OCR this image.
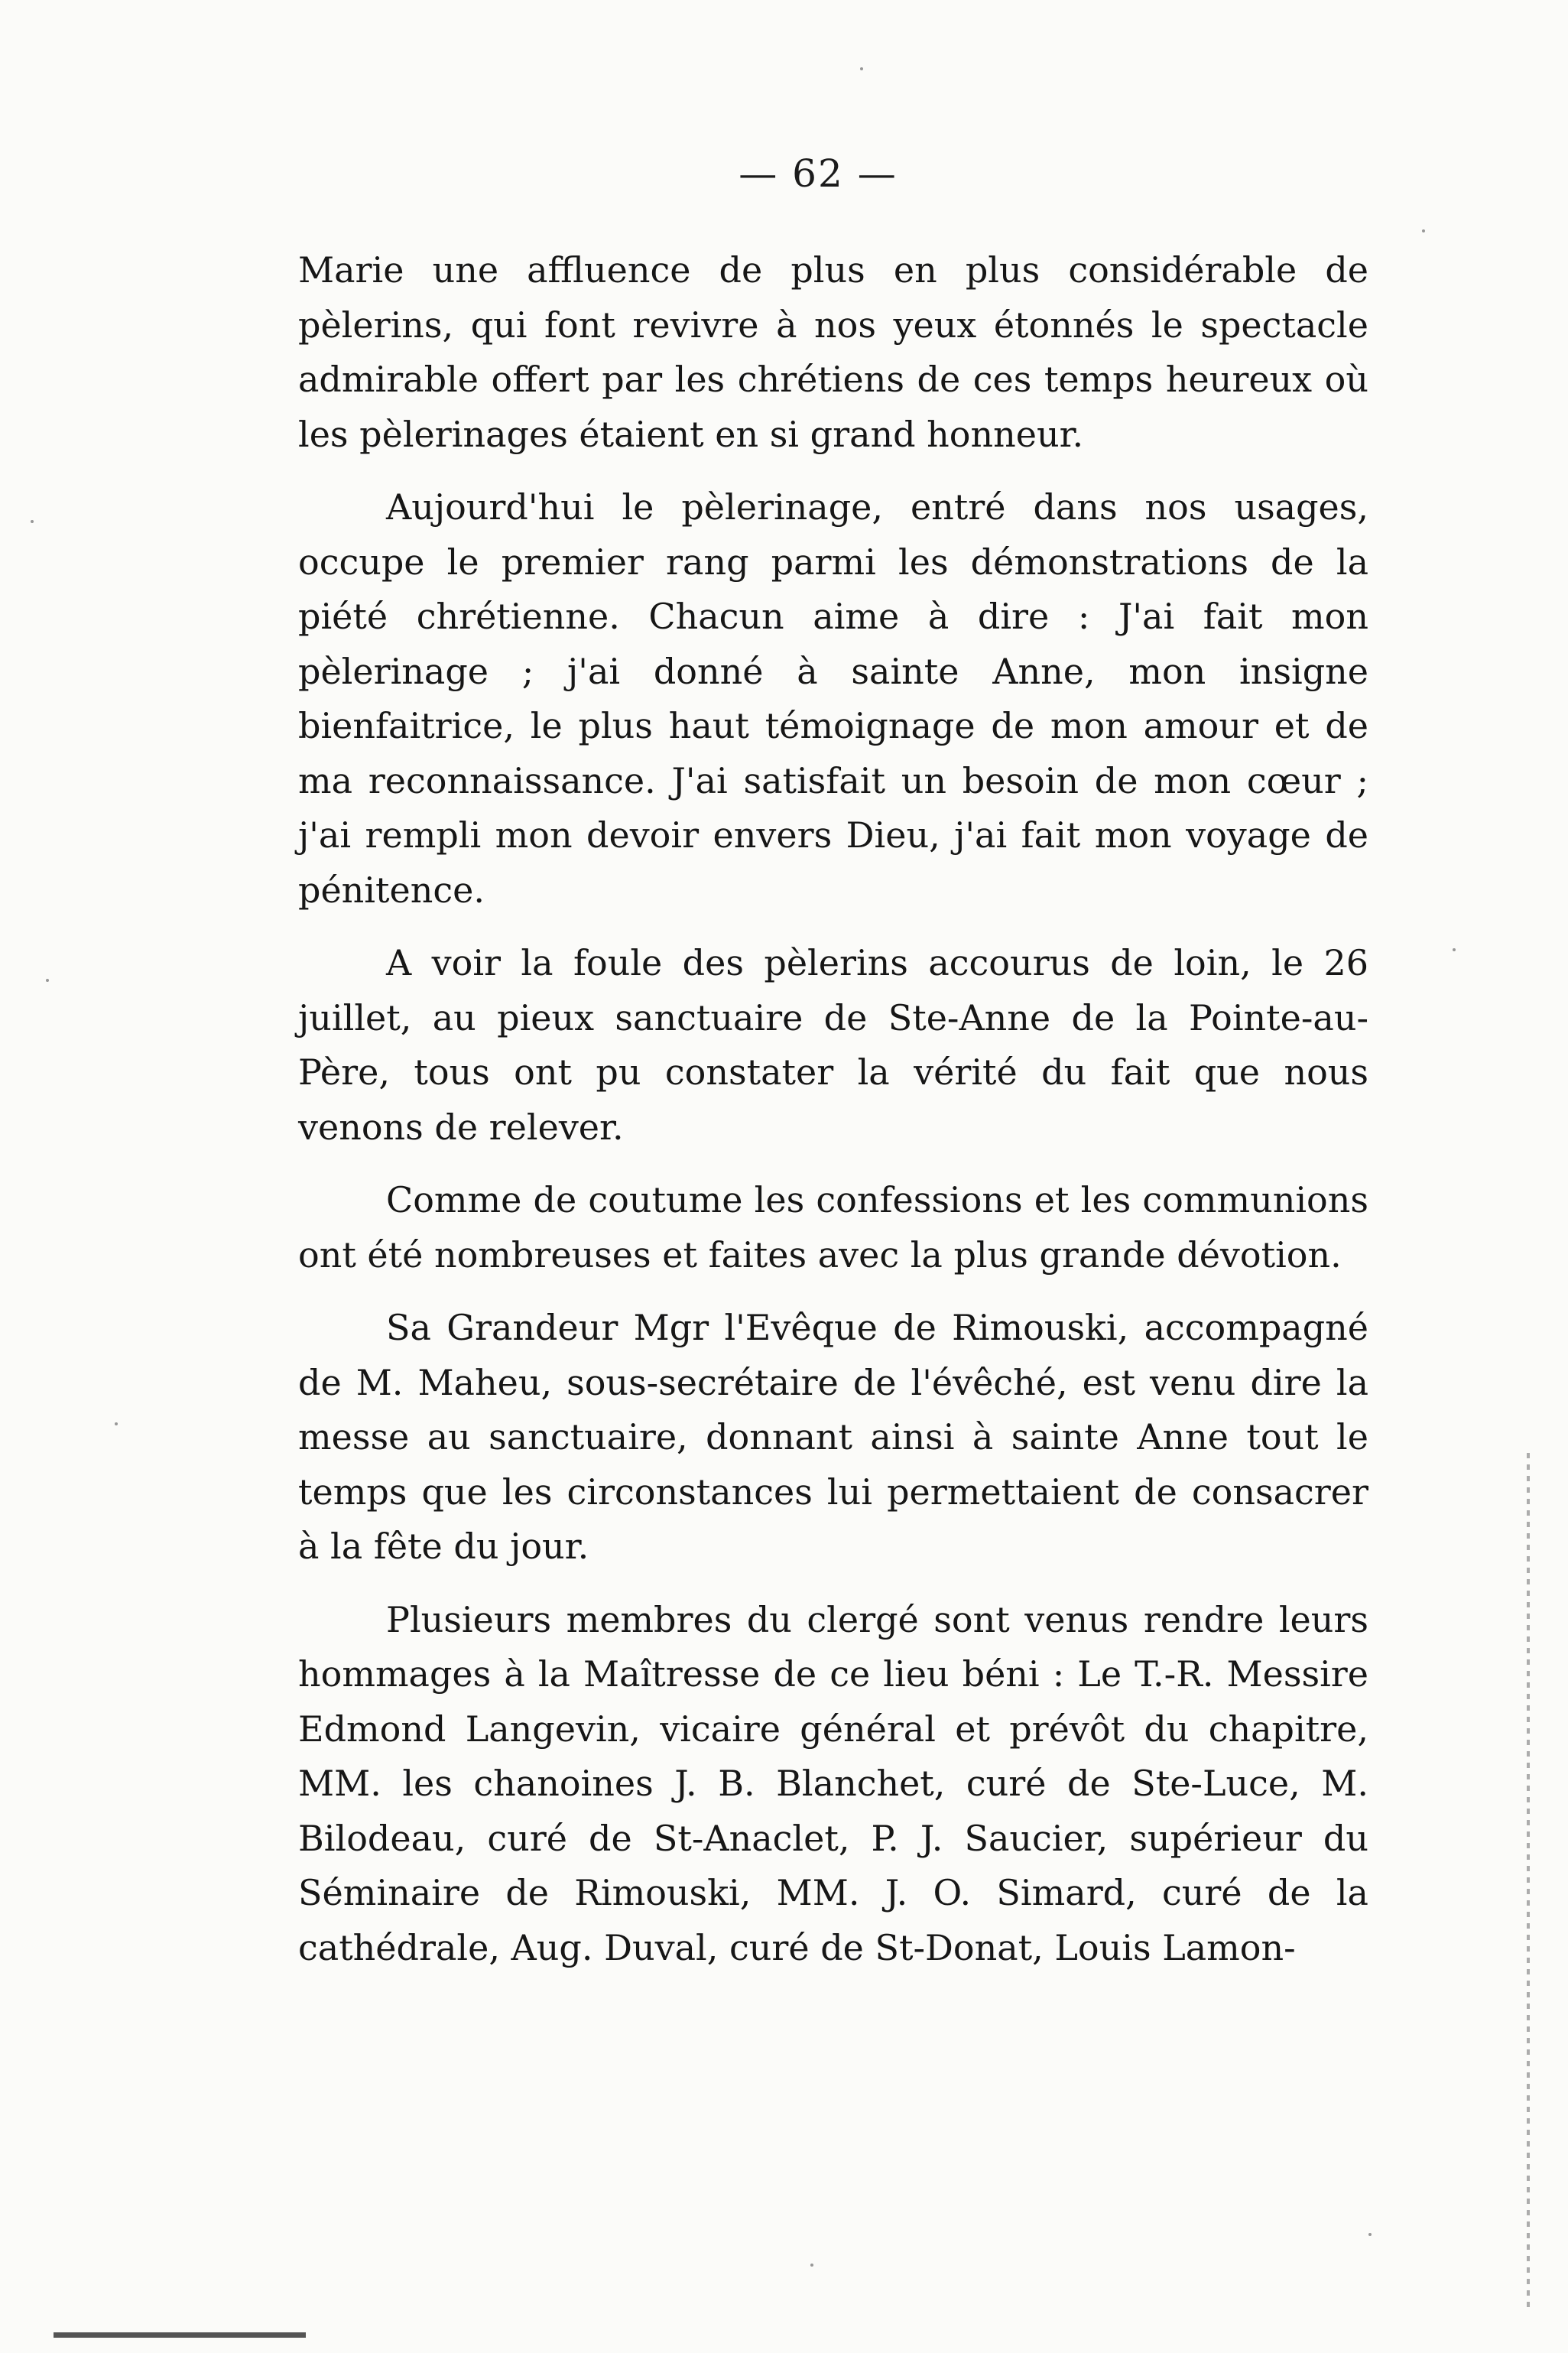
— 62 —

Marie une affluence de plus en plus considérable de pèlerins, qui font revivre à nos yeux étonnés le spectacle admirable offert par les chrétiens de ces temps heureux où les pèlerinages étaient en si grand honneur.

Aujourd'hui le pèlerinage, entré dans nos usages, occupe le premier rang parmi les démonstrations de la piété chrétienne. Chacun aime à dire : J'ai fait mon pèlerinage ; j'ai donné à sainte Anne, mon insigne bienfaitrice, le plus haut témoignage de mon amour et de ma reconnaissance. J'ai satisfait un besoin de mon cœur ; j'ai rempli mon devoir envers Dieu, j'ai fait mon voyage de pénitence.

A voir la foule des pèlerins accourus de loin, le 26 juillet, au pieux sanctuaire de Ste-Anne de la Pointe-au-Père, tous ont pu constater la vérité du fait que nous venons de relever.

Comme de coutume les confessions et les communions ont été nombreuses et faites avec la plus grande dévotion.

Sa Grandeur Mgr l'Evêque de Rimouski, accompagné de M. Maheu, sous-secrétaire de l'évêché, est venu dire la messe au sanctuaire, donnant ainsi à sainte Anne tout le temps que les circonstances lui permettaient de consacrer à la fête du jour.

Plusieurs membres du clergé sont venus rendre leurs hommages à la Maîtresse de ce lieu béni : Le T.-R. Messire Edmond Langevin, vicaire général et prévôt du chapitre, MM. les chanoines J. B. Blanchet, curé de Ste-Luce, M. Bilodeau, curé de St-Anaclet, P. J. Saucier, supérieur du Séminaire de Rimouski, MM. J. O. Simard, curé de la cathédrale, Aug. Duval, curé de St-Donat, Louis Lamon-
